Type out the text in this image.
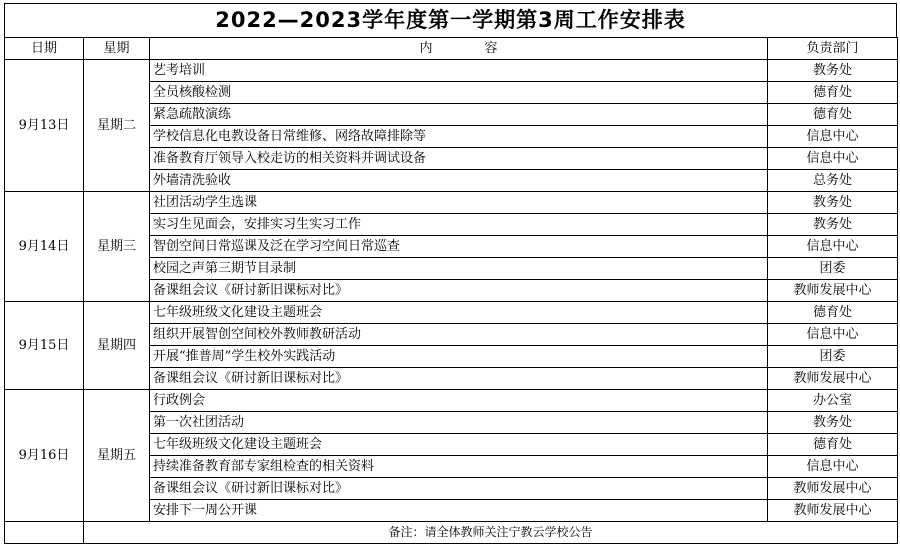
2022—2023学年度第一学期第3周工作安排表
日期	星期	内　　　　容	负责部门
9月13日	星期二	艺考培训	教务处
		全员核酸检测	德育处
		紧急疏散演练	德育处
		学校信息化电教设备日常维修、网络故障排除等	信息中心
		准备教育厅领导入校走访的相关资料并调试设备	信息中心
		外墙清洗验收	总务处
9月14日	星期三	社团活动学生选课	教务处
		实习生见面会，安排实习生实习工作	教务处
		智创空间日常巡课及泛在学习空间日常巡查	信息中心
		校园之声第三期节目录制	团委
		备课组会议《研讨新旧课标对比》	教师发展中心
9月15日	星期四	七年级班级文化建设主题班会	德育处
		组织开展智创空间校外教师教研活动	信息中心
		开展“推普周”学生校外实践活动	团委
		备课组会议《研讨新旧课标对比》	教师发展中心
9月16日	星期五	行政例会	办公室
		第一次社团活动	教务处
		七年级班级文化建设主题班会	德育处
		持续准备教育部专家组检查的相关资料	信息中心
		备课组会议《研讨新旧课标对比》	教师发展中心
		安排下一周公开课	教师发展中心
	备注：请全体教师关注宁教云学校公告		
